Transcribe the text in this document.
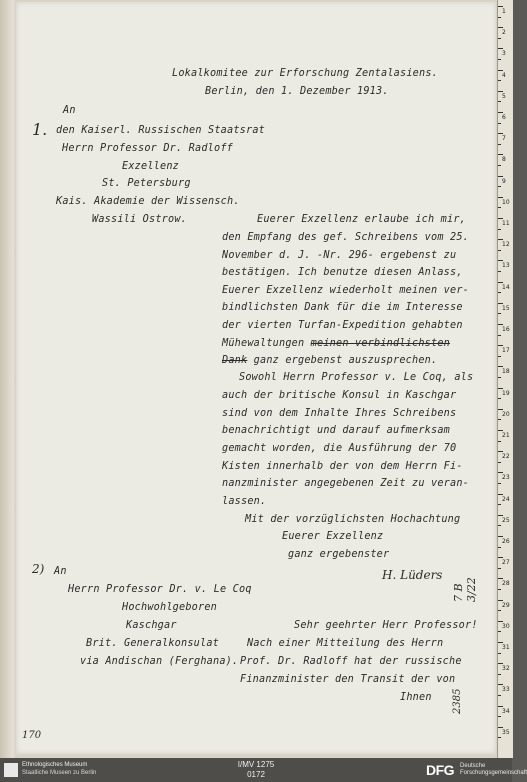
Lokalkomitee zur Erforschung Zentalasiens.
Berlin, den 1. Dezember 1913.
An
1. den Kaiserl. Russischen Staatsrat
Herrn Professor Dr. Radloff
Exzellenz
St. Petersburg
Kais. Akademie der Wissensch.
Wassili Ostrow.	Euerer Exzellenz erlaube ich mir,
den Empfang des gef. Schreibens vom 25.
November d. J. -Nr. 296- ergebenst zu
bestätigen. Ich benutze diesen Anlass,
Euerer Exzellenz wiederholt meinen ver-
bindlichsten Dank für die im Interesse
der vierten Turfan-Expedition gehabten
Mühewaltungen meinen verbindlichsten
Dank ganz ergebenst auszusprechen.
Sowohl Herrn Professor v. Le Coq, als
auch der britische Konsul in Kaschgar
sind von dem Inhalte Ihres Schreibens
benachrichtigt und darauf aufmerksam
gemacht worden, die Ausführung der 70
Kisten innerhalb der von dem Herrn Fi-
nanzminister angegebenen Zeit zu veran-
lassen.
Mit der vorzüglichsten Hochachtung
Euerer Exzellenz
ganz ergebenster
H. Lüders
7 B 3/22
2) An
Herrn Professor Dr. v. Le Coq
Hochwohlgeboren
Kaschgar
Brit. Generalkonsulat
via Andischan (Ferghana).
Sehr geehrter Herr Professor!
Nach einer Mitteilung des Herrn
Prof. Dr. Radloff hat der russische
Finanzminister den Transit der von
Ihnen 2385
170
1
2
3
4
5
6
7
8
9
10
11
12
13
14
15
16
17
18
19
20
21
22
23
24
25
26
27
28
29
30
31
32
33
34
35
Ethnologisches Museum
Staatliche Museen zu Berlin
I/MV 1275
0172	DFG Deutsche
Forschungsgemeinschaft
